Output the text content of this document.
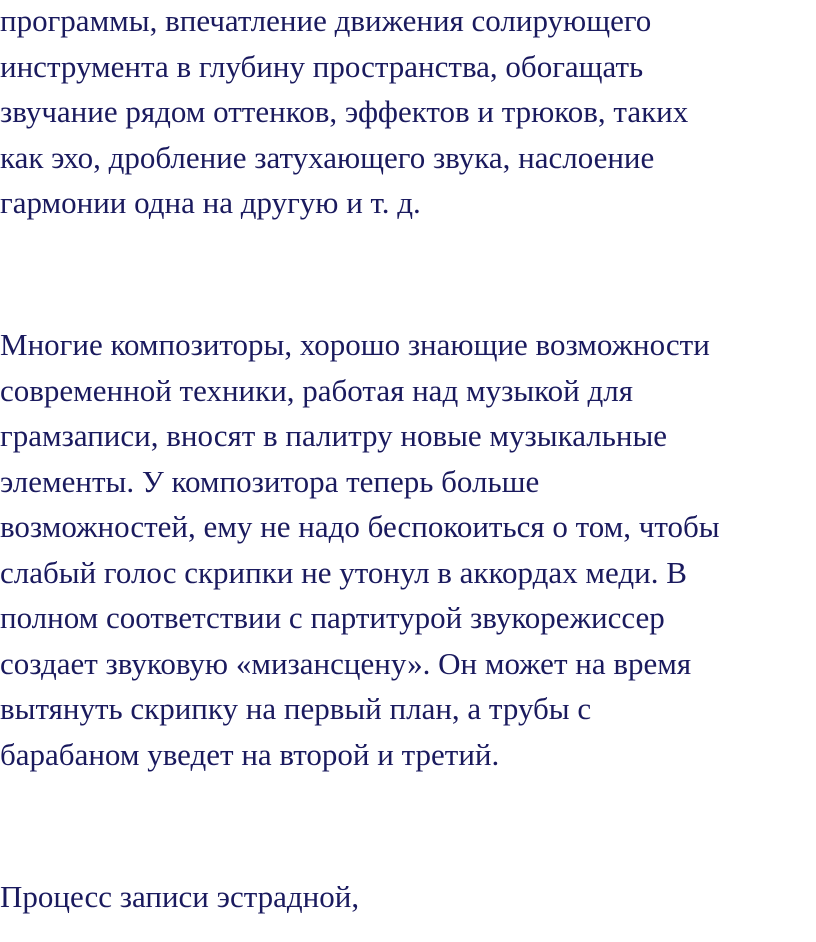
программы, впечатление движения солирующего
инструмента в глубину пространства, обогащать
звучание рядом оттенков, эффектов и трюков, таких
как эхо, дробление затухающего звука, наслоение
гармонии одна на другую и т. д.
Многие композиторы, хорошо знающие возможности
современной техники, работая над музыкой для
грамзаписи, вносят в палитру новые музыкальные
элементы. У композитора теперь больше
возможностей, ему не надо беспокоиться о том, чтобы
слабый голос скрипки не утонул в аккордах меди. В
полном соответствии с партитурой звукорежиссер
создает звуковую «мизансцену». Он может на время
вытянуть скрипку на первый план, а трубы с
барабаном уведет на второй и третий.
Процесс записи эстрадной,
